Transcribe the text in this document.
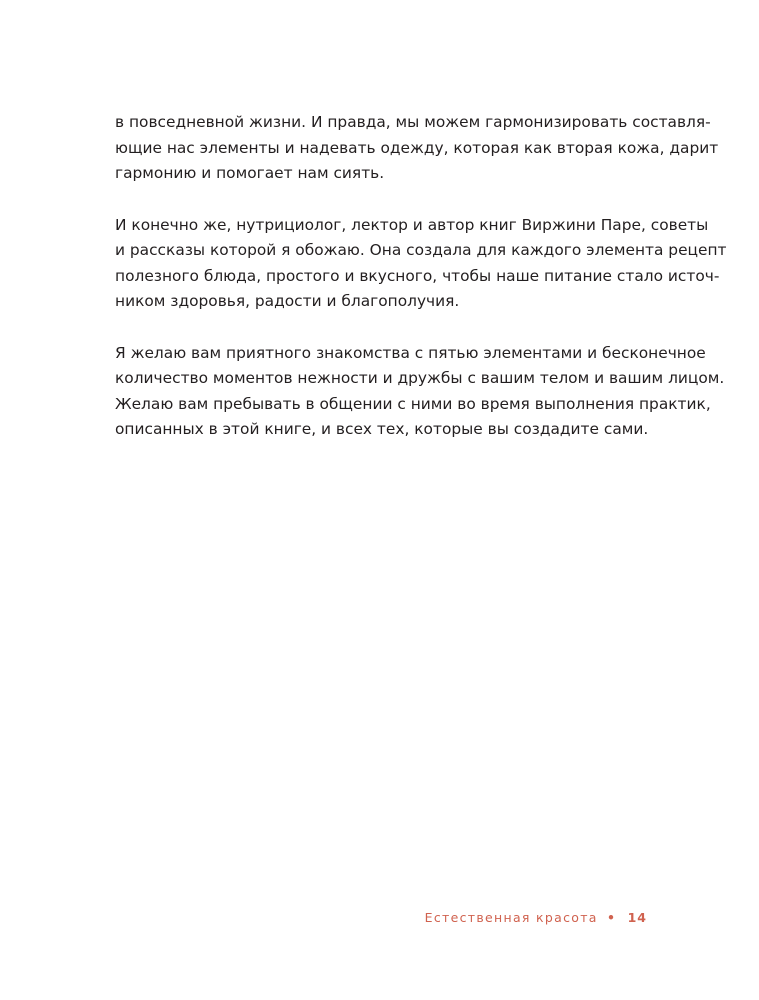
в повседневной жизни. И правда, мы можем гармонизировать составля-
ющие нас элементы и надевать одежду, которая как вторая кожа, дарит
гармонию и помогает нам сиять.

И конечно же, нутрициолог, лектор и автор книг Виржини Паре, советы
и рассказы которой я обожаю. Она создала для каждого элемента рецепт
полезного блюда, простого и вкусного, чтобы наше питание стало источ-
ником здоровья, радости и благополучия.

Я желаю вам приятного знакомства с пятью элементами и бесконечное
количество моментов нежности и дружбы с вашим телом и вашим лицом.
Желаю вам пребывать в общении с ними во время выполнения практик,
описанных в этой книге, и всех тех, которые вы создадите сами.

Естественная красота • 14
